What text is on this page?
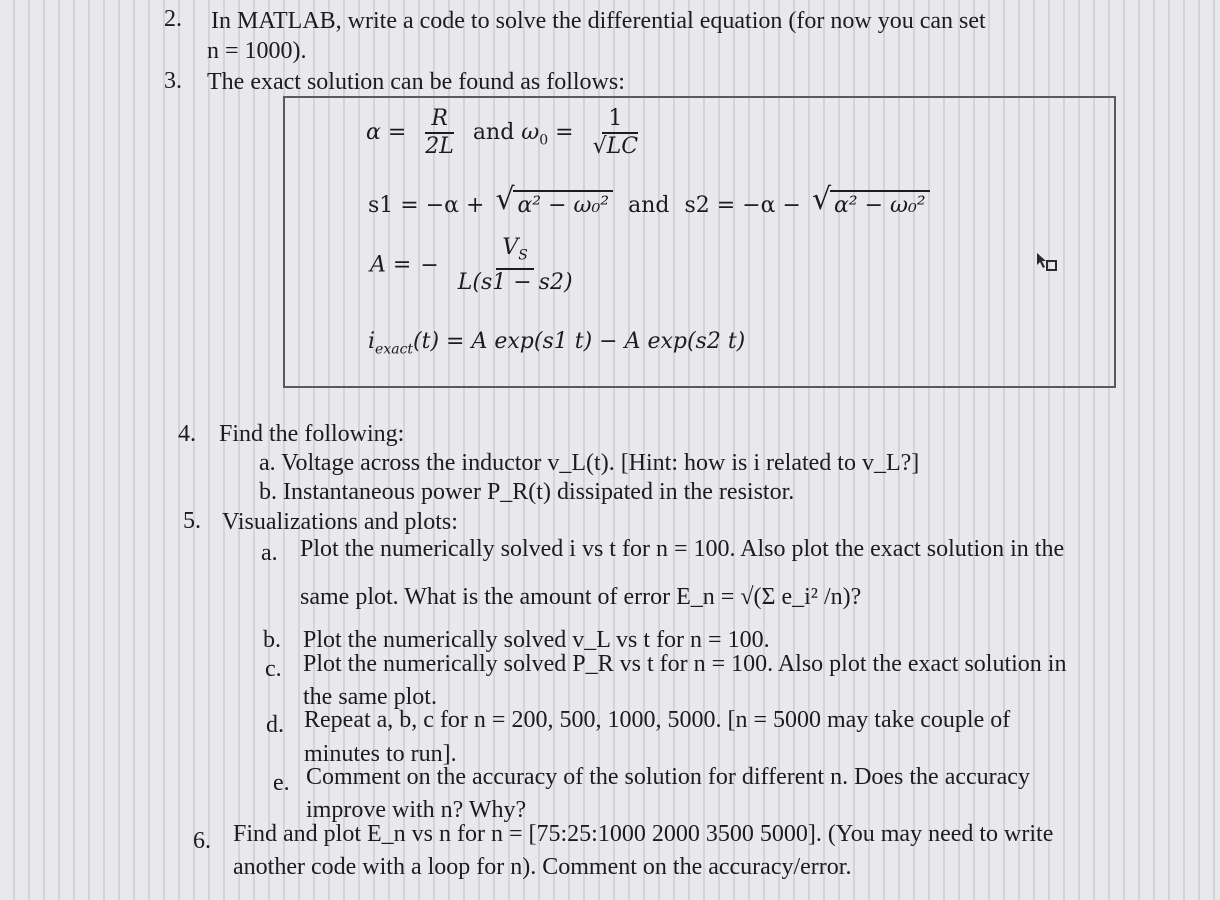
2. In MATLAB, write a code to solve the differential equation (for now you can set
n = 1000).
3. The exact solution can be found as follows:
$\alpha = \frac{R}{2L}$ and $\omega_0 = \frac{1}{√LC}$
s1 = −α + √ α² − ω₀² and s2 = −α − √ α² − ω₀²
A = − $\frac{V_S}{L(s1 - s2)}$
$i_{exact}(t) = A$ exp(s1 t) − A exp(s2 t)
4. Find the following:
a. Voltage across the inductor v_L(t). [Hint: how is i related to v_L?]
b. Instantaneous power P_R(t) dissipated in the resistor.
5. Visualizations and plots:
a. Plot the numerically solved i vs t for n = 100. Also plot the exact solution in the
same plot. What is the amount of error E_n = √(Σ e_i² /n)?
b. Plot the numerically solved v_L vs t for n = 100.
c. Plot the numerically solved P_R vs t for n = 100. Also plot the exact solution in
the same plot.
d. Repeat a, b, c for n = 200, 500, 1000, 5000. [n = 5000 may take couple of
minutes to run].
e. Comment on the accuracy of the solution for different n. Does the accuracy
improve with n? Why?
6. Find and plot E_n vs n for n = [75:25:1000 2000 3500 5000]. (You may need to write
another code with a loop for n). Comment on the accuracy/error.
